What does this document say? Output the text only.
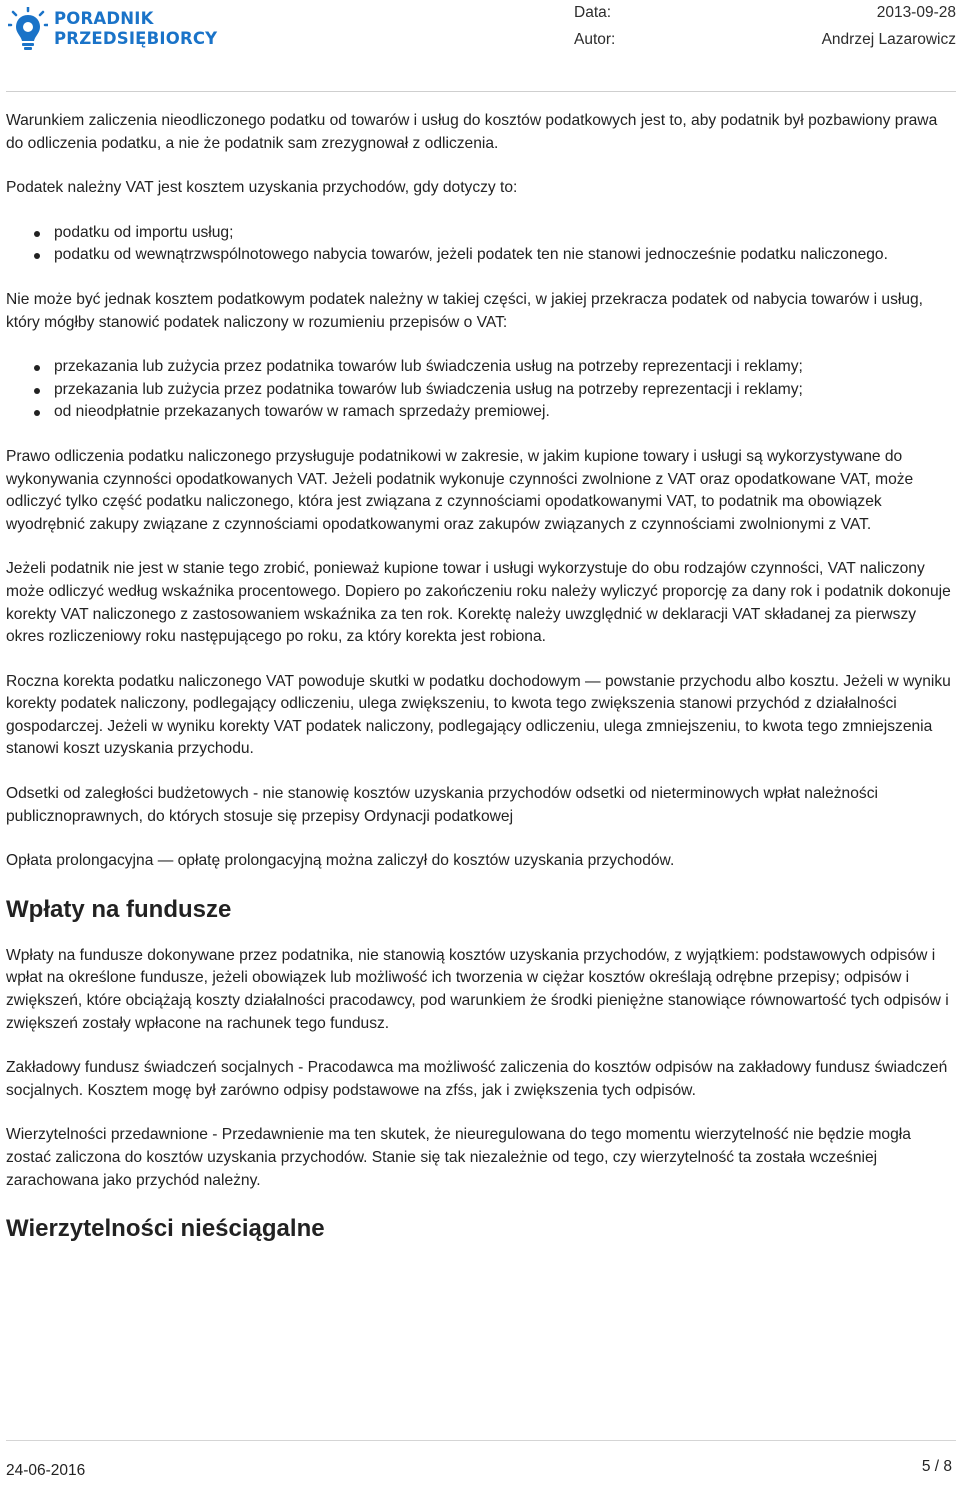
PORADNIK
PRZEDSIĘBIORCY
Data:	2013-09-28
Autor:	Andrzej Lazarowicz

Warunkiem zaliczenia nieodliczonego podatku od towarów i usług do kosztów podatkowych jest to, aby podatnik był pozbawiony prawa do odliczenia podatku, a nie że podatnik sam zrezygnował z odliczenia.

Podatek należny VAT jest kosztem uzyskania przychodów, gdy dotyczy to:

podatku od importu usług;
podatku od wewnątrzwspólnotowego nabycia towarów, jeżeli podatek ten nie stanowi jednocześnie podatku naliczonego.

Nie może być jednak kosztem podatkowym podatek należny w takiej części, w jakiej przekracza podatek od nabycia towarów i usług, który mógłby stanowić podatek naliczony w rozumieniu przepisów o VAT:

przekazania lub zużycia przez podatnika towarów lub świadczenia usług na potrzeby reprezentacji i reklamy;
przekazania lub zużycia przez podatnika towarów lub świadczenia usług na potrzeby reprezentacji i reklamy;
od nieodpłatnie przekazanych towarów w ramach sprzedaży premiowej.

Prawo odliczenia podatku naliczonego przysługuje podatnikowi w zakresie, w jakim kupione towary i usługi są wykorzystywane do wykonywania czynności opodatkowanych VAT. Jeżeli podatnik wykonuje czynności zwolnione z VAT oraz opodatkowane VAT, może odliczyć tylko część podatku naliczonego, która jest związana z czynnościami opodatkowanymi VAT, to podatnik ma obowiązek wyodrębnić zakupy związane z czynnościami opodatkowanymi oraz zakupów związanych z czynnościami zwolnionymi z VAT.

Jeżeli podatnik nie jest w stanie tego zrobić, ponieważ kupione towar i usługi wykorzystuje do obu rodzajów czynności, VAT naliczony może odliczyć według wskaźnika procentowego. Dopiero po zakończeniu roku należy wyliczyć proporcję za dany rok i podatnik dokonuje korekty VAT naliczonego z zastosowaniem wskaźnika za ten rok. Korektę należy uwzględnić w deklaracji VAT składanej za pierwszy okres rozliczeniowy roku następującego po roku, za który korekta jest robiona.

Roczna korekta podatku naliczonego VAT powoduje skutki w podatku dochodowym — powstanie przychodu albo kosztu. Jeżeli w wyniku korekty podatek naliczony, podlegający odliczeniu, ulega zwiększeniu, to kwota tego zwiększenia stanowi przychód z działalności gospodarczej. Jeżeli w wyniku korekty VAT podatek naliczony, podlegający odliczeniu, ulega zmniejszeniu, to kwota tego zmniejszenia stanowi koszt uzyskania przychodu.

Odsetki od zaległości budżetowych - nie stanowię kosztów uzyskania przychodów odsetki od nieterminowych wpłat należności publicznoprawnych, do których stosuje się przepisy Ordynacji podatkowej

Opłata prolongacyjna — opłatę prolongacyjną można zaliczył do kosztów uzyskania przychodów.

Wpłaty na fundusze

Wpłaty na fundusze dokonywane przez podatnika, nie stanowią kosztów uzyskania przychodów, z wyjątkiem: podstawowych odpisów i wpłat na określone fundusze, jeżeli obowiązek lub możliwość ich tworzenia w ciężar kosztów określają odrębne przepisy; odpisów i zwiększeń, które obciążają koszty działalności pracodawcy, pod warunkiem że środki pieniężne stanowiące równowartość tych odpisów i zwiększeń zostały wpłacone na rachunek tego fundusz.

Zakładowy fundusz świadczeń socjalnych - Pracodawca ma możliwość zaliczenia do kosztów odpisów na zakładowy fundusz świadczeń socjalnych. Kosztem mogę był zarówno odpisy podstawowe na zfśs, jak i zwiększenia tych odpisów.

Wierzytelności przedawnione - Przedawnienie ma ten skutek, że nieuregulowana do tego momentu wierzytelność nie będzie mogła zostać zaliczona do kosztów uzyskania przychodów. Stanie się tak niezależnie od tego, czy wierzytelność ta została wcześniej zarachowana jako przychód należny.

Wierzytelności nieściągalne
24-06-2016	5 / 8
